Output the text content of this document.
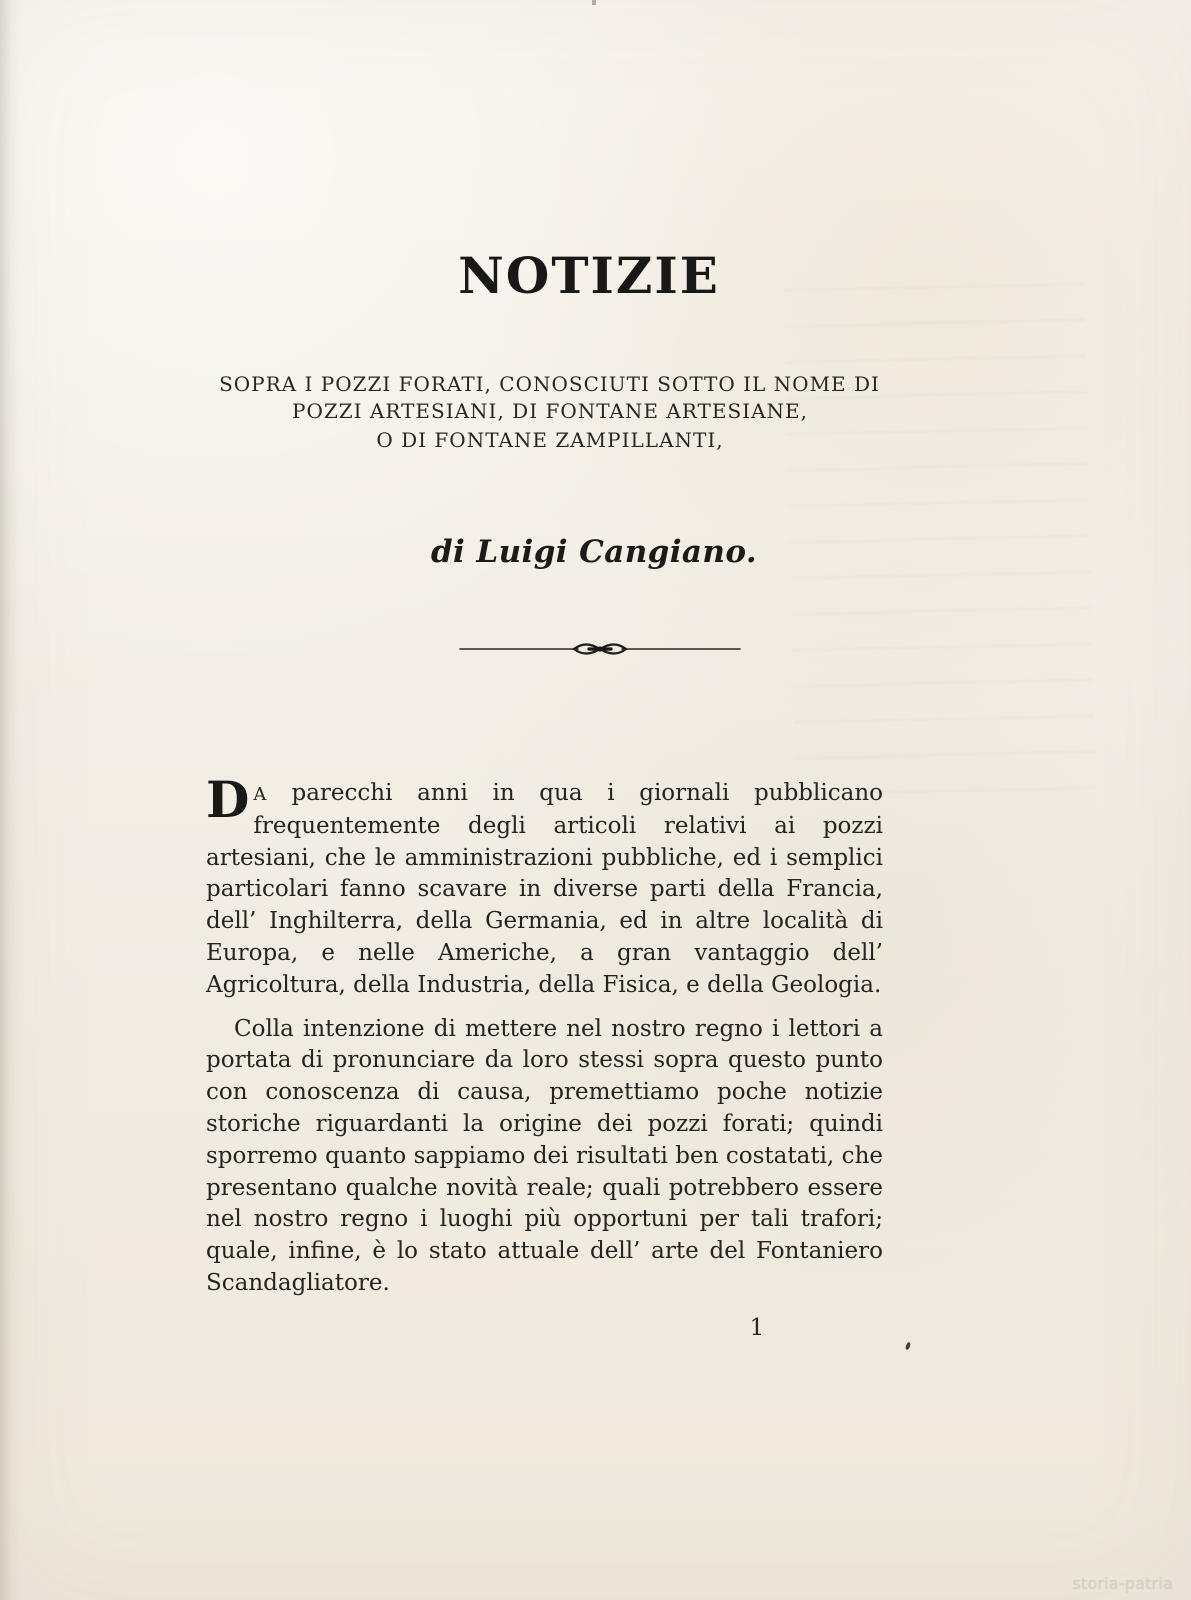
NOTIZIE
SOPRA I POZZI FORATI, CONOSCIUTI SOTTO IL NOME DI
POZZI ARTESIANI, DI FONTANE ARTESIANE,
O DI FONTANE ZAMPILLANTI,
di Luigi Cangiano.

DA parecchi anni in qua i giornali pubblicano frequentemente degli articoli relativi ai pozzi artesiani, che le amministrazioni pubbliche, ed i semplici particolari fanno scavare in diverse parti della Francia, dell’ Inghilterra, della Germania, ed in altre località di Europa, e nelle Americhe, a gran vantaggio dell’ Agricoltura, della Industria, della Fisica, e della Geologia.

Colla intenzione di mettere nel nostro regno i lettori a portata di pronunciare da loro stessi sopra questo punto con conoscenza di causa, premettiamo poche notizie storiche riguardanti la origine dei pozzi forati; quindi sporremo quanto sappiamo dei risultati ben costatati, che presentano qualche novità reale; quali potrebbero essere nel nostro regno i luoghi più opportuni per tali trafori; quale, infine, è lo stato attuale dell’ arte del Fontaniero Scandagliatore.

1
storia-patria
